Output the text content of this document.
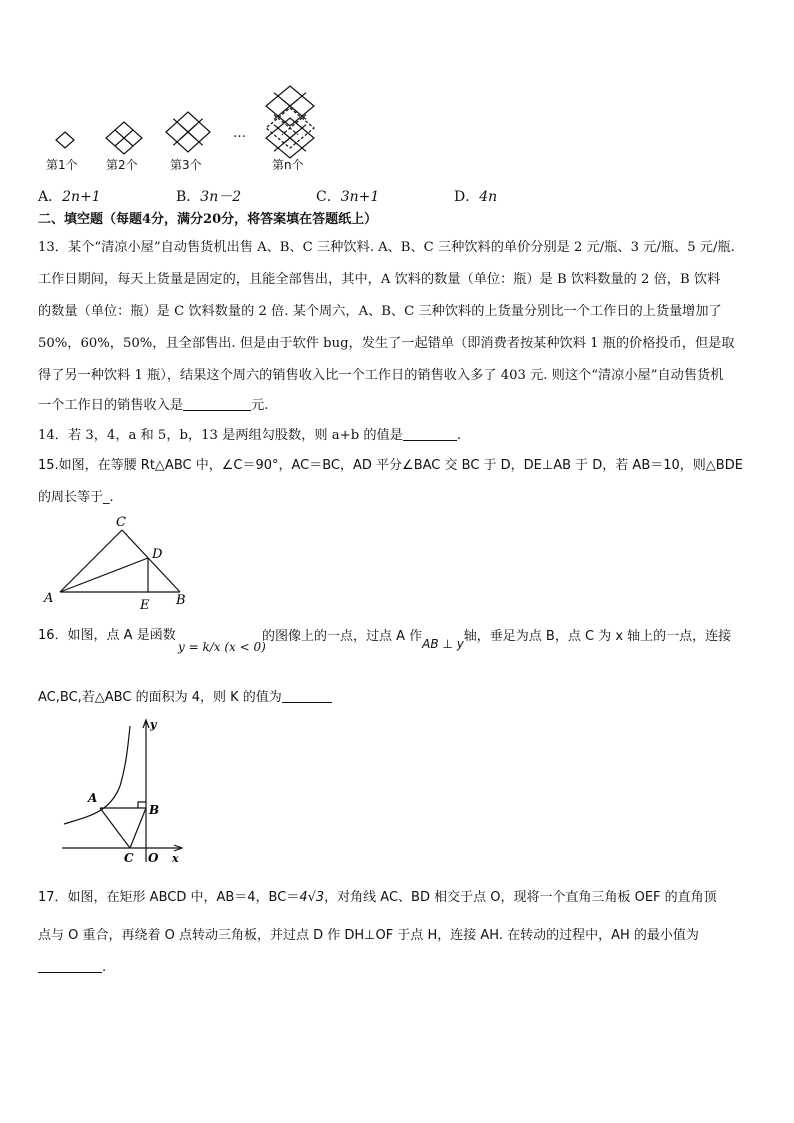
…
第1个 第2个	第3个	第n个
A．2n+1	B．3n－2	C．3n+1	D．4n
二、填空题（每题4分，满分20分，将答案填在答题纸上）
13．某个“清凉小屋”自动售货机出售 A、B、C 三种饮料. A、B、C 三种饮料的单价分别是 2 元/瓶、3 元/瓶、5 元/瓶.
工作日期间，每天上货量是固定的，且能全部售出，其中，A 饮料的数量（单位：瓶）是 B 饮料数量的 2 倍，B 饮料
的数量（单位：瓶）是 C 饮料数量的 2 倍. 某个周六，A、B、C 三种饮料的上货量分别比一个工作日的上货量增加了
50%，60%，50%，且全部售出. 但是由于软件 bug，发生了一起错单（即消费者按某种饮料 1 瓶的价格投币，但是取
得了另一种饮料 1 瓶），结果这个周六的销售收入比一个工作日的销售收入多了 403 元. 则这个“清凉小屋”自动售货机
一个工作日的销售收入是	元.
14．若 3，4，a 和 5，b，13 是两组勾股数，则 a+b 的值是	.
15.如图，在等腰 Rt△ABC 中，∠C＝90°，AC＝BC，AD 平分∠BAC 交 BC 于 D，DE⊥AB 于 D，若 AB＝10，则△BDE
的周长等于_.
C
D
A	E B
16．如图，点 A 是函数
y = k/x (x < 0)
的图像上的一点，过点 A 作AB ⊥ y轴，垂足为点 B，点 C 为 x 轴上的一点，连接
AC,BC,若△ABC 的面积为 4，则 K 的值为
y
A
B
C O x
17．如图，在矩形 ABCD 中，AB＝4，BC＝4√3，对角线 AC、BD 相交于点 O，现将一个直角三角板 OEF 的直角顶
点与 O 重合，再绕着 O 点转动三角板，并过点 D 作 DH⊥OF 于点 H，连接 AH. 在转动的过程中，AH 的最小值为
.
